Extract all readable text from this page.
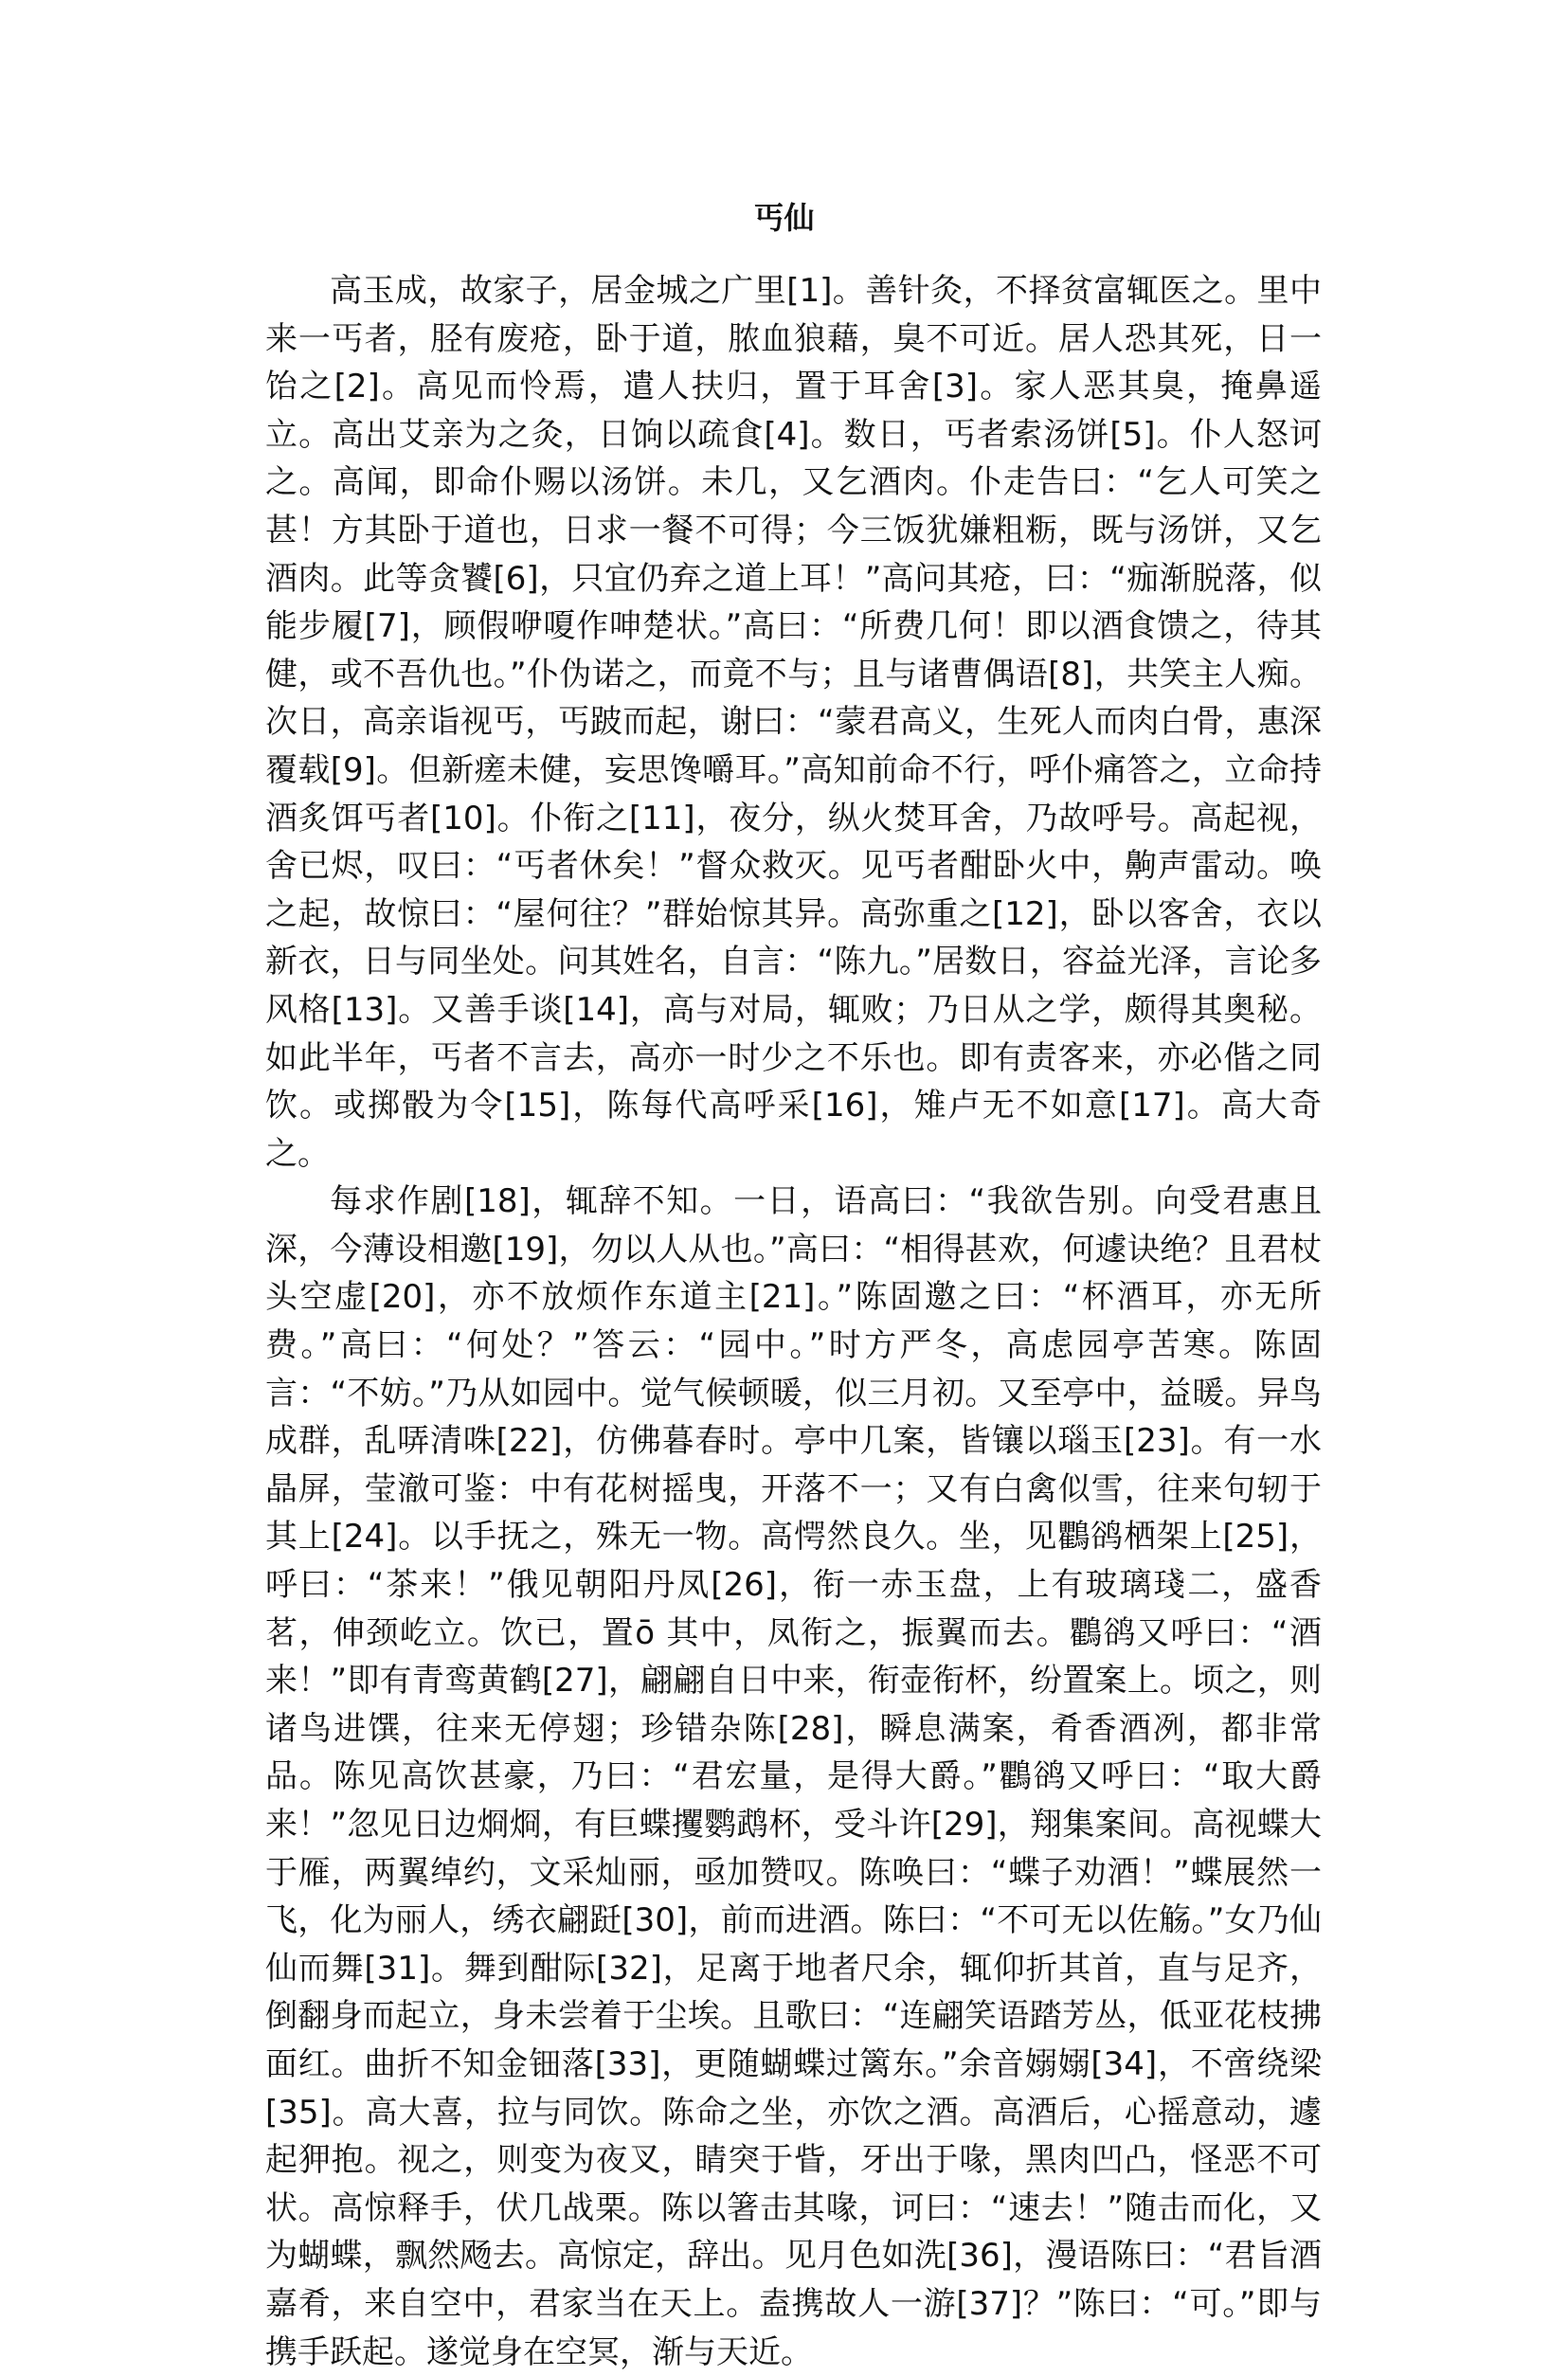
丐仙

高玉成，故家子，居金城之广里[1]。善针灸，不择贫富辄医之。里中来一丐者，胫有废疮，卧于道，脓血狼藉，臭不可近。居人恐其死，日一饴之[2]。高见而怜焉，遣人扶归，置于耳舍[3]。家人恶其臭，掩鼻遥立。高出艾亲为之灸，日饷以疏食[4]。数日，丐者索汤饼[5]。仆人怒诃之。高闻，即命仆赐以汤饼。未几，又乞酒肉。仆走告曰：“乞人可笑之甚！方其卧于道也，日求一餐不可得；今三饭犹嫌粗粝，既与汤饼，又乞酒肉。此等贪饕[6]，只宜仍弃之道上耳！”高问其疮，曰：“痂渐脱落，似能步履[7]，顾假咿嗄作呻楚状。”高曰：“所费几何！即以酒食馈之，待其健，或不吾仇也。”仆伪诺之，而竟不与；且与诸曹偶语[8]，共笑主人痴。次日，高亲诣视丐，丐跛而起，谢曰：“蒙君高义，生死人而肉白骨，惠深覆载[9]。但新瘥未健，妄思馋嚼耳。”高知前命不行，呼仆痛答之，立命持酒炙饵丐者[10]。仆衔之[11]，夜分，纵火焚耳舍，乃故呼号。高起视，舍已烬，叹曰：“丐者休矣！”督众救灭。见丐者酣卧火中，齁声雷动。唤之起，故惊曰：“屋何往？”群始惊其异。高弥重之[12]，卧以客舍，衣以新衣，日与同坐处。问其姓名，自言：“陈九。”居数日，容益光泽，言论多风格[13]。又善手谈[14]，高与对局，辄败；乃日从之学，颇得其奥秘。如此半年，丐者不言去，高亦一时少之不乐也。即有责客来，亦必偕之同饮。或掷骰为令[15]，陈每代高呼采[16]，雉卢无不如意[17]。高大奇之。

每求作剧[18]，辄辞不知。一日，语高曰：“我欲告别。向受君惠且深，今薄设相邀[19]，勿以人从也。”高曰：“相得甚欢，何遽诀绝？且君杖头空虚[20]，亦不放烦作东道主[21]。”陈固邀之曰：“杯酒耳，亦无所费。”高曰：“何处？”答云：“园中。”时方严冬，高虑园亭苦寒。陈固言：“不妨。”乃从如园中。觉气候顿暖，似三月初。又至亭中，益暖。异鸟成群，乱哢清咮[22]，仿佛暮春时。亭中几案，皆镶以瑙玉[23]。有一水晶屏，莹澈可鉴：中有花树摇曳，开落不一；又有白禽似雪，往来句轫于其上[24]。以手抚之，殊无一物。高愕然良久。坐，见鸜鹆栖架上[25]，呼曰：“茶来！”俄见朝阳丹凤[26]，衔一赤玉盘，上有玻璃琖二，盛香茗，伸颈屹立。饮已，置ō 其中，凤衔之，振翼而去。鸜鹆又呼曰：“酒来！”即有青鸾黄鹤[27]，翩翩自日中来，衔壶衔杯，纷置案上。顷之，则诸鸟进馔，往来无停翅；珍错杂陈[28]，瞬息满案，肴香酒冽，都非常品。陈见高饮甚豪，乃曰：“君宏量，是得大爵。”鸜鹆又呼曰：“取大爵来！”忽见日边烱烱，有巨蝶攫鹦鹉杯，受斗许[29]，翔集案间。高视蝶大于雁，两翼绰约，文采灿丽，亟加赞叹。陈唤曰：“蝶子劝酒！”蝶展然一飞，化为丽人，绣衣翩跹[30]，前而进酒。陈曰：“不可无以佐觞。”女乃仙仙而舞[31]。舞到酣际[32]，足离于地者尺余，辄仰折其首，直与足齐，倒翻身而起立，身未尝着于尘埃。且歌曰：“连翩笑语踏芳丛，低亚花枝拂面红。曲折不知金钿落[33]，更随蝴蝶过篱东。”余音嫋嫋[34]，不啻绕梁[35]。高大喜，拉与同饮。陈命之坐，亦饮之酒。高酒后，心摇意动，遽起狎抱。视之，则变为夜叉，睛突于眥，牙出于喙，黑肉凹凸，怪恶不可状。高惊释手，伏几战栗。陈以箸击其喙，诃曰：“速去！”随击而化，又为蝴蝶，飘然飏去。高惊定，辞出。见月色如洗[36]，漫语陈曰：“君旨酒嘉肴，来自空中，君家当在天上。盍携故人一游[37]？”陈曰：“可。”即与携手跃起。遂觉身在空冥，渐与天近。
